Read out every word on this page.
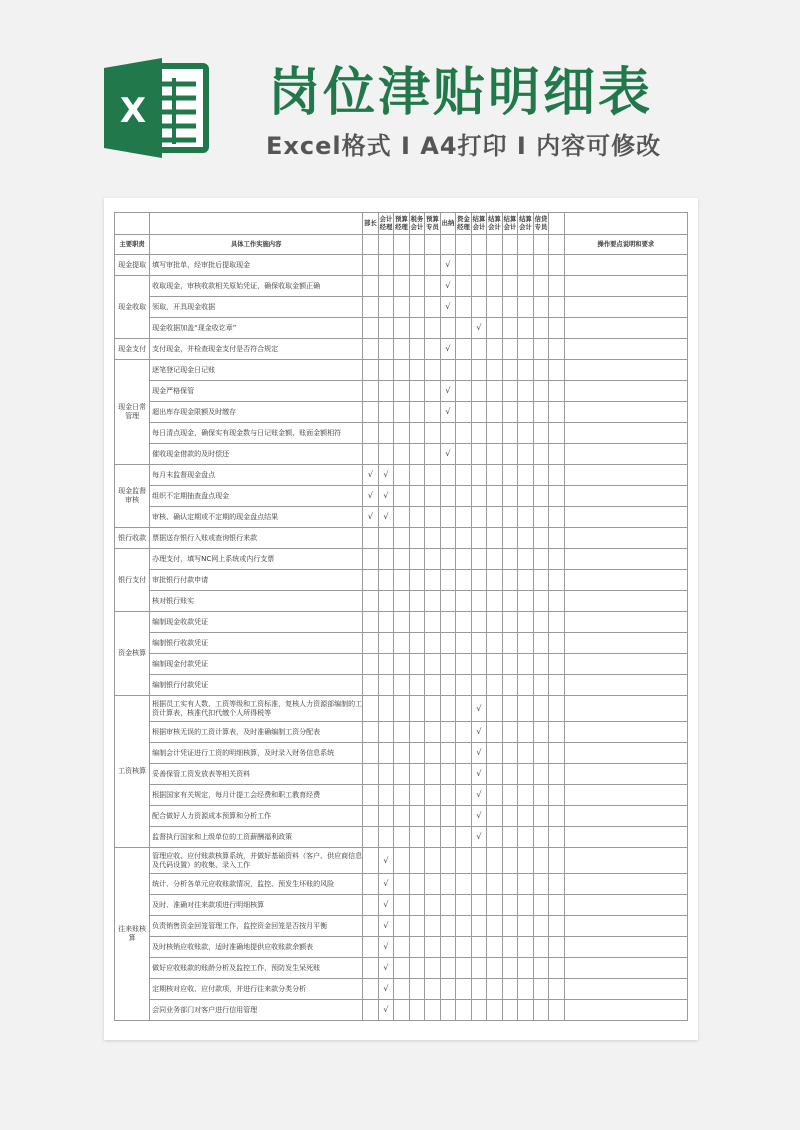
X 岗位津贴明细表
Excel格式 I A4打印 I 内容可修改
		部长	会计经理	预算经理	税务会计	预算专员	出纳	资金经理	结算会计	结算会计	结算会计	结算会计	信贷专员		
主要职责	具体工作实施内容														操作要点说明和要求
现金提取	填写审批单，经审批后提取现金						√								
现金收取	收取现金，审核收款相关原始凭证，确保收取金额正确						√								
	领取，开具现金收据						√								
	现金收据加盖“现金收讫章”								√						
现金支付	支付现金，并检查现金支付是否符合规定						√								
现金日常管理	逐笔登记现金日记账														
	现金严格保管						√								
	超出库存现金限额及时缴存						√								
	每日清点现金，确保实有现金数与日记账金额、账面金额相符														
	催收现金借款的及时偿还						√								
现金监督审核	每月末监督现金盘点	√	√												
	组织不定期抽查盘点现金	√	√												
	审核、确认定期或不定期的现金盘点结果	√	√												
银行收款	票据送存银行入账或查询银行来款														
银行支付	办理支付，填写NC网上系统或内行支票														
	审批银行付款申请														
	核对银行账实														
资金核算	编制现金收款凭证														
	编制银行收款凭证														
	编制现金付款凭证														
	编制银行付款凭证														
工资核算	根据员工实有人数、工资等级和工资标准，复核人力资源部编制的工资计算表，核准代扣代缴个人所得税等								√						
	根据审核无误的工资计算表，及时准确编制工资分配表								√						
	编制会计凭证进行工资的明细核算，及时录入财务信息系统								√						
	妥善保管工资发放表等相关资料								√						
	根据国家有关规定，每月计提工会经费和职工教育经费								√						
	配合做好人力资源成本预算和分析工作								√						
	监督执行国家和上级单位的工资薪酬福利政策								√						
往来账核算	管理应收、应付账款核算系统，并做好基础资料（客户、供应商信息及代码设置）的收集、录入工作		√												
	统计、分析各单元应收账款情况，监控、预发生坏账的风险		√												
	及时、准确对往来款项进行明细核算		√												
	负责销售资金回笼管理工作，监控资金回笼是否按月平衡		√												
	及时核销应收账款，适时准确地提供应收账款余额表		√												
	做好应收账款的账龄分析及监控工作，预防发生呆死账		√												
	定期核对应收、应付款项，并进行往来款分类分析		√												
	会同业务部门对客户进行信用管理		√												
